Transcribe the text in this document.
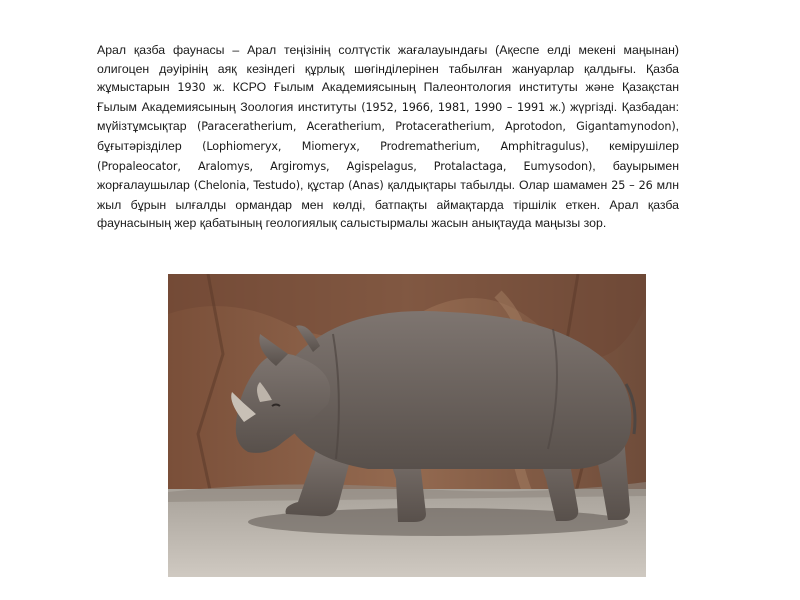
Арал қазба фаунасы – Арал теңізінің солтүстік жағалауындағы (Ақеспе елді мекені маңынан) олигоцен дәуірінің аяқ кезіндегі құрлық шөгінділерінен табылған жануарлар қалдығы. Қазба жұмыстарын 1930 ж. КСРО Ғылым Академиясының Палеонтология институты және Қазақстан Ғылым Академиясының Зоология институты (1952, 1966, 1981, 1990 – 1991 ж.) жүргізді. Қазбадан: мүйізтұмсықтар (Paraceratherium, Aceratherium, Protaceratherium, Aprotodon, Gigantamynodon), бұғытәрізділер (Lophiomeryx, Miomeryx, Prodrematherium, Amphitragulus), кемірушілер (Propaleocator, Aralomys, Argiromys, Agispelagus, Protalactaga, Eumysodon), бауырымен жорғалаушылар (Chelonia, Testudo), құстар (Anas) қалдықтары табылды. Олар шамамен 25 – 26 млн жыл бұрын ылғалды ормандар мен көлді, батпақты аймақтарда тіршілік еткен. Арал қазба фаунасының жер қабатының геологиялық салыстырмалы жасын анықтауда маңызы зор.
